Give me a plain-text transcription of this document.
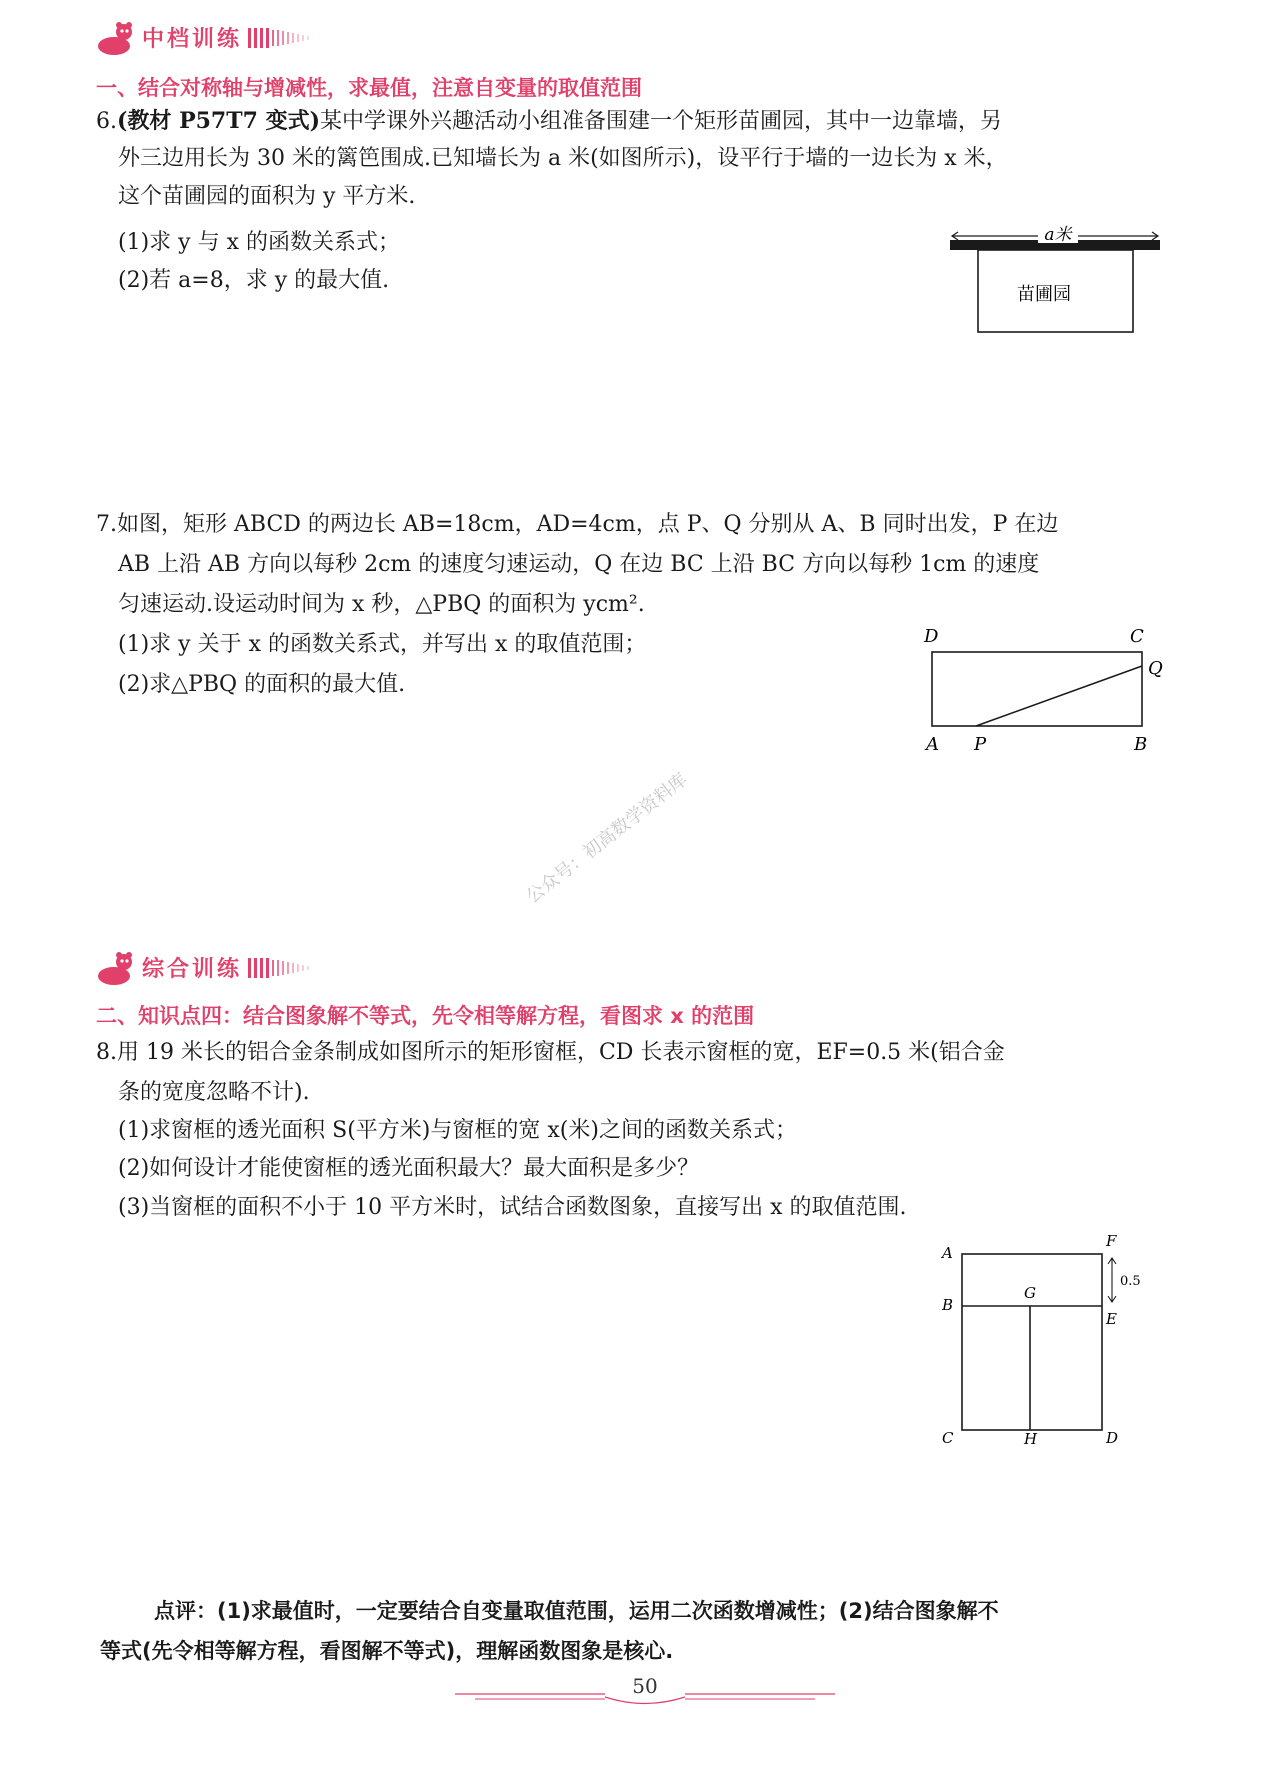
中档训练
一、结合对称轴与增减性，求最值，注意自变量的取值范围
6.(教材 P57T7 变式)某中学课外兴趣活动小组准备围建一个矩形苗圃园，其中一边靠墙，另
外三边用长为 30 米的篱笆围成.已知墙长为 a 米(如图所示)，设平行于墙的一边长为 x 米，
这个苗圃园的面积为 y 平方米.
(1)求 y 与 x 的函数关系式；
(2)若 a=8，求 y 的最大值.
a米
苗圃园
7.如图，矩形 ABCD 的两边长 AB=18cm，AD=4cm，点 P、Q 分别从 A、B 同时出发，P 在边
AB 上沿 AB 方向以每秒 2cm 的速度匀速运动，Q 在边 BC 上沿 BC 方向以每秒 1cm 的速度
匀速运动.设运动时间为 x 秒，△PBQ 的面积为 ycm².
(1)求 y 关于 x 的函数关系式，并写出 x 的取值范围；
(2)求△PBQ 的面积的最大值.
D	C
Q
A P	B
公众号：初高数学资料库
综合训练
二、知识点四：结合图象解不等式，先令相等解方程，看图求 x 的范围
8.用 19 米长的铝合金条制成如图所示的矩形窗框，CD 长表示窗框的宽，EF=0.5 米(铝合金
条的宽度忽略不计).
(1)求窗框的透光面积 S(平方米)与窗框的宽 x(米)之间的函数关系式；
(2)如何设计才能使窗框的透光面积最大？最大面积是多少？
(3)当窗框的面积不小于 10 平方米时，试结合函数图象，直接写出 x 的取值范围.
A
F
B
G
E
C	H	D
0.5
点评：(1)求最值时，一定要结合自变量取值范围，运用二次函数增减性；(2)结合图象解不
等式(先令相等解方程，看图解不等式)，理解函数图象是核心.
50
